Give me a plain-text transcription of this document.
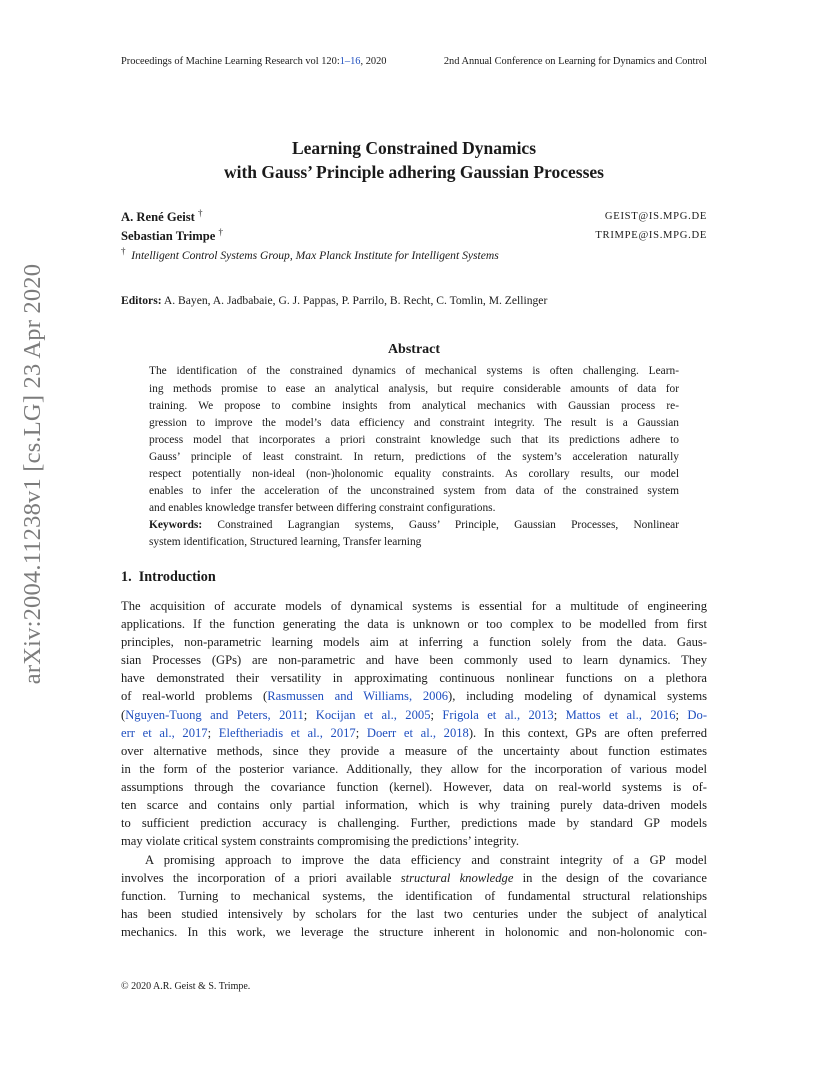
Proceedings of Machine Learning Research vol 120:1–16, 2020	2nd Annual Conference on Learning for Dynamics and Control
Learning Constrained Dynamics
with Gauss’ Principle adhering Gaussian Processes
A. René Geist †	GEIST@IS.MPG.DE
Sebastian Trimpe †	TRIMPE@IS.MPG.DE
† Intelligent Control Systems Group, Max Planck Institute for Intelligent Systems
Editors: A. Bayen, A. Jadbabaie, G. J. Pappas, P. Parrilo, B. Recht, C. Tomlin, M. Zellinger
Abstract
The identification of the constrained dynamics of mechanical systems is often challenging. Learn-
ing methods promise to ease an analytical analysis, but require considerable amounts of data for
training. We propose to combine insights from analytical mechanics with Gaussian process re-
gression to improve the model’s data efficiency and constraint integrity. The result is a Gaussian
process model that incorporates a priori constraint knowledge such that its predictions adhere to
Gauss’ principle of least constraint. In return, predictions of the system’s acceleration naturally
respect potentially non-ideal (non-)holonomic equality constraints. As corollary results, our model
enables to infer the acceleration of the unconstrained system from data of the constrained system
and enables knowledge transfer between differing constraint configurations.
Keywords: Constrained Lagrangian systems, Gauss’ Principle, Gaussian Processes, Nonlinear
system identification, Structured learning, Transfer learning
1. Introduction
The acquisition of accurate models of dynamical systems is essential for a multitude of engineering
applications. If the function generating the data is unknown or too complex to be modelled from first
principles, non-parametric learning models aim at inferring a function solely from the data. Gaus-
sian Processes (GPs) are non-parametric and have been commonly used to learn dynamics. They
have demonstrated their versatility in approximating continuous nonlinear functions on a plethora
of real-world problems (Rasmussen and Williams, 2006), including modeling of dynamical systems
(Nguyen-Tuong and Peters, 2011; Kocijan et al., 2005; Frigola et al., 2013; Mattos et al., 2016; Do-
err et al., 2017; Eleftheriadis et al., 2017; Doerr et al., 2018). In this context, GPs are often preferred
over alternative methods, since they provide a measure of the uncertainty about function estimates
in the form of the posterior variance. Additionally, they allow for the incorporation of various model
assumptions through the covariance function (kernel). However, data on real-world systems is of-
ten scarce and contains only partial information, which is why training purely data-driven models
to sufficient prediction accuracy is challenging. Further, predictions made by standard GP models
may violate critical system constraints compromising the predictions’ integrity.
A promising approach to improve the data efficiency and constraint integrity of a GP model
involves the incorporation of a priori available structural knowledge in the design of the covariance
function. Turning to mechanical systems, the identification of fundamental structural relationships
has been studied intensively by scholars for the last two centuries under the subject of analytical
mechanics. In this work, we leverage the structure inherent in holonomic and non-holonomic con-
arXiv:2004.11238v1 [cs.LG] 23 Apr 2020
© 2020 A.R. Geist & S. Trimpe.
